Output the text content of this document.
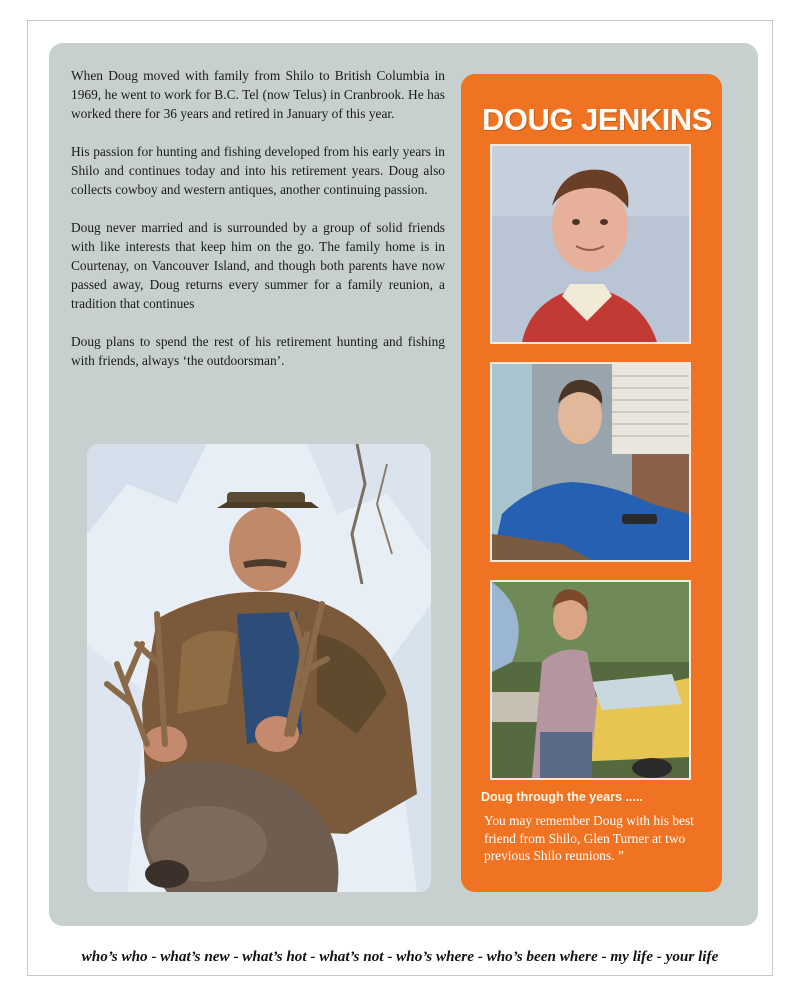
When Doug moved with family from Shilo to British Columbia in 1969, he went to work for B.C. Tel (now Telus) in Cranbrook. He has worked there for 36 years and retired in January of this year.

His passion for hunting and fishing developed from his early years in Shilo and continues today and into his retirement years. Doug also collects cowboy and western antiques, another continuing passion.

Doug never married and is surrounded by a group of solid friends with like interests that keep him on the go. The family home is in Courtenay, on Vancouver Island, and though both parents have now passed away, Doug returns every summer for a family reunion, a tradition that continues

Doug plans to spend the rest of his retirement hunting and fishing with friends, always ‘the outdoorsman’.

DOUG JENKINS
Doug through the years .....
You may remember Doug with his best friend from Shilo, Glen Turner at two previous Shilo reunions. ”
who’s who - what’s new - what’s hot - what’s not - who’s where - who’s been where - my life - your life
